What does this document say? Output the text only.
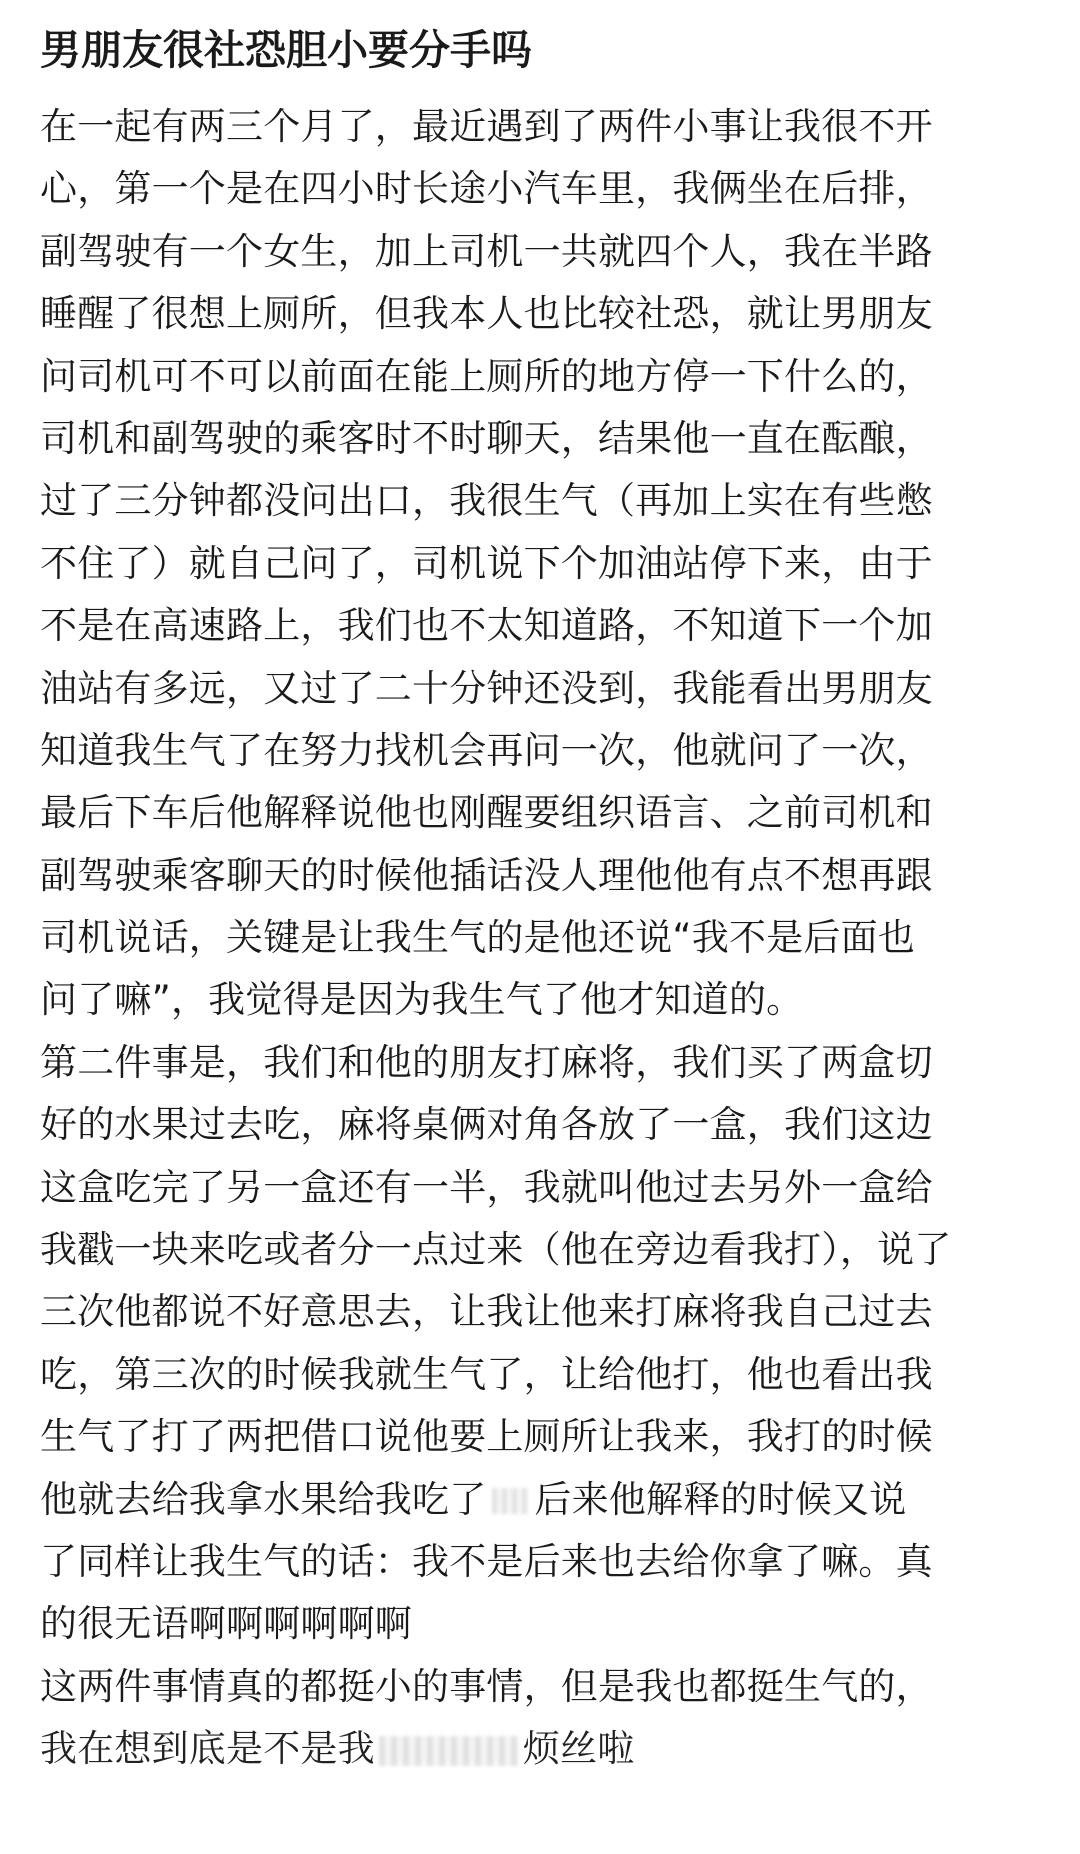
男朋友很社恐胆小要分手吗
在一起有两三个月了，最近遇到了两件小事让我很不开
心，第一个是在四小时长途小汽车里，我俩坐在后排，
副驾驶有一个女生，加上司机一共就四个人，我在半路
睡醒了很想上厕所，但我本人也比较社恐，就让男朋友
问司机可不可以前面在能上厕所的地方停一下什么的，
司机和副驾驶的乘客时不时聊天，结果他一直在酝酿，
过了三分钟都没问出口，我很生气（再加上实在有些憋
不住了）就自己问了，司机说下个加油站停下来，由于
不是在高速路上，我们也不太知道路，不知道下一个加
油站有多远，又过了二十分钟还没到，我能看出男朋友
知道我生气了在努力找机会再问一次，他就问了一次，
最后下车后他解释说他也刚醒要组织语言、之前司机和
副驾驶乘客聊天的时候他插话没人理他他有点不想再跟
司机说话，关键是让我生气的是他还说“我不是后面也
问了嘛”，我觉得是因为我生气了他才知道的。
第二件事是，我们和他的朋友打麻将，我们买了两盒切
好的水果过去吃，麻将桌俩对角各放了一盒，我们这边
这盒吃完了另一盒还有一半，我就叫他过去另外一盒给
我戳一块来吃或者分一点过来（他在旁边看我打），说了
三次他都说不好意思去，让我让他来打麻将我自己过去
吃，第三次的时候我就生气了，让给他打，他也看出我
生气了打了两把借口说他要上厕所让我来，我打的时候
他就去给我拿水果给我吃了 后来他解释的时候又说
了同样让我生气的话：我不是后来也去给你拿了嘛。真
的很无语啊啊啊啊啊啊
这两件事情真的都挺小的事情，但是我也都挺生气的，
我在想到底是不是我	烦丝啦
